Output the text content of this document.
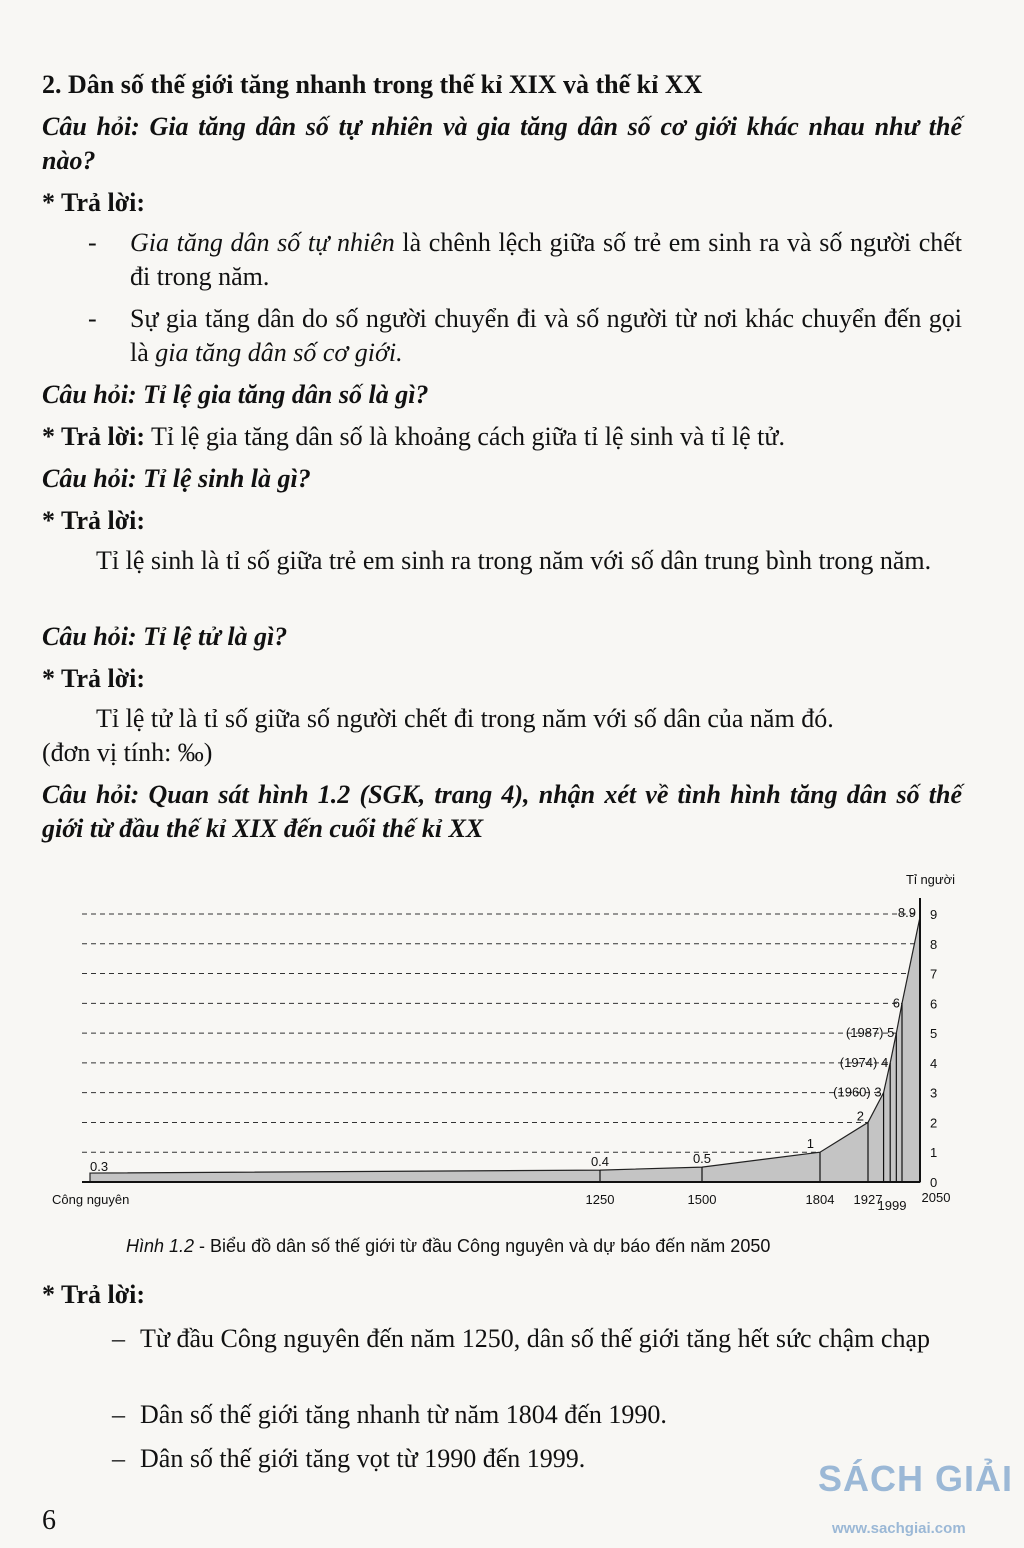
2. Dân số thế giới tăng nhanh trong thế kỉ XIX và thế kỉ XX
Câu hỏi: Gia tăng dân số tự nhiên và gia tăng dân số cơ giới khác nhau như thế nào?
* Trả lời:
- Gia tăng dân số tự nhiên là chênh lệch giữa số trẻ em sinh ra và số người chết đi trong năm.
- Sự gia tăng dân do số người chuyển đi và số người từ nơi khác chuyển đến gọi là gia tăng dân số cơ giới.
Câu hỏi: Tỉ lệ gia tăng dân số là gì?
* Trả lời: Tỉ lệ gia tăng dân số là khoảng cách giữa tỉ lệ sinh và tỉ lệ tử.
Câu hỏi: Tỉ lệ sinh là gì?
* Trả lời:
Tỉ lệ sinh là tỉ số giữa trẻ em sinh ra trong năm với số dân trung bình trong năm.
Câu hỏi: Tỉ lệ tử là gì?
* Trả lời:
Tỉ lệ tử là tỉ số giữa số người chết đi trong năm với số dân của năm đó.
(đơn vị tính: ‰)
Câu hỏi: Quan sát hình 1.2 (SGK, trang 4), nhận xét về tình hình tăng dân số thế giới từ đầu thế kỉ XIX đến cuối thế kỉ XX
0
1
2
3
4
5
6
7
8
9
Tỉ người
Công nguyên	1250	1500	1804 1927
1999
2050
0.3	0.4	0.5
1
2
(1960) 3
(1974) 4
(1987) 5
6
8.9
Hình 1.2 - Biểu đồ dân số thế giới từ đầu Công nguyên và dự báo đến năm 2050
* Trả lời:
– Từ đầu Công nguyên đến năm 1250, dân số thế giới tăng hết sức chậm chạp
– Dân số thế giới tăng nhanh từ năm 1804 đến 1990.
– Dân số thế giới tăng vọt từ 1990 đến 1999.
6
SÁCH GIẢI
www.sachgiai.com
